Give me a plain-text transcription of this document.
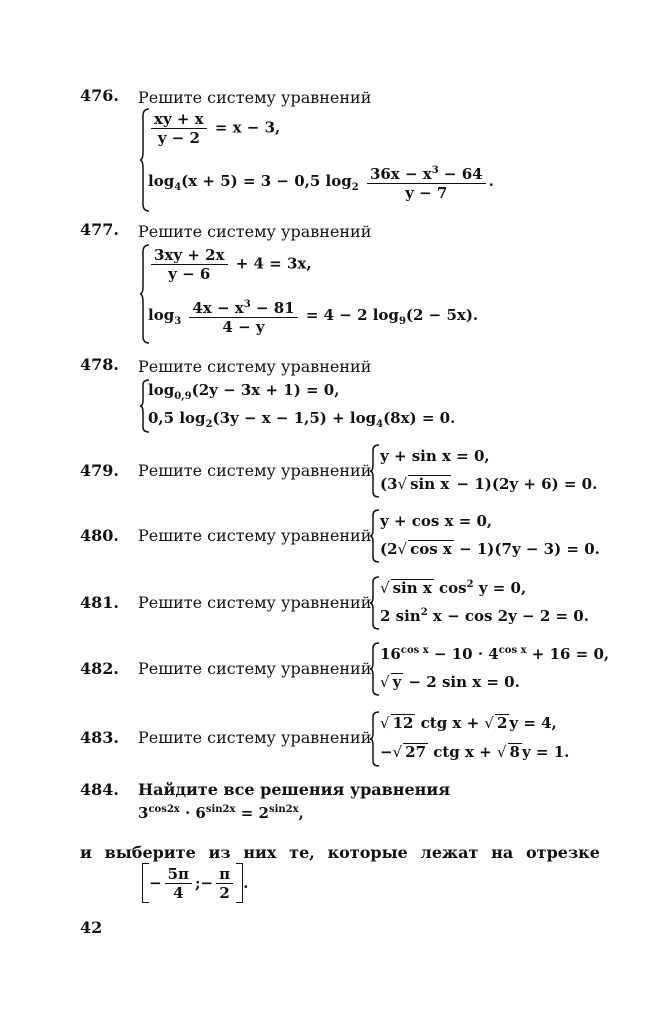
476. Решите систему уравнений
$\frac{xy + x}{y - 2} = x - 3$,
$\log_4(x + 5) = 3 - 0,5$ $\log_2 \frac{36x - x^3 - 64}{y - 7}$ .
477. Решите систему уравнений
$\frac{3xy + 2x}{y - 6} + 4 = 3x$,
$\log_3 \frac{4x - x^3 - 81}{4 - y} = 4 - 2$ $\log_9(2 - 5x)$.
478. Решите систему уравнений
$\log_{0,9}(2y - 3x + 1) = 0$,
0,5 $\log_2(3y - x - 1,5) + \log_4(8x) = 0$.
479. Решите систему уравнений
y + sin x = 0,
(3√ sin x − 1)(2y + 6) = 0.
480. Решите систему уравнений
y + cos x = 0,
(2√ cos x − 1)(7y − 3) = 0.
481. Решите систему уравнений
√ sin x $\cos^2 y = 0$,
2 $\sin^2 x - \cos 2y - 2 = 0$.
482. Решите систему уравнений
$16^{cos x} - 10 \cdot 4^{cos x} + 16 = 0$,
√ y − 2 sin x = 0.
483. Решите систему уравнений
√ 12 ctg x + √ 2 y = 4,
−√ 27 ctg x + √ 8 y = 1.
484. Найдите все решения уравнения
$3^{cos2x} \cdot 6^{sin2x} = 2^{sin2x}$,
и выберите из них те, которые лежат на отрезке
− $\frac{5\pi}{4}$ ; − $\frac{\pi}{2}$ .
42
